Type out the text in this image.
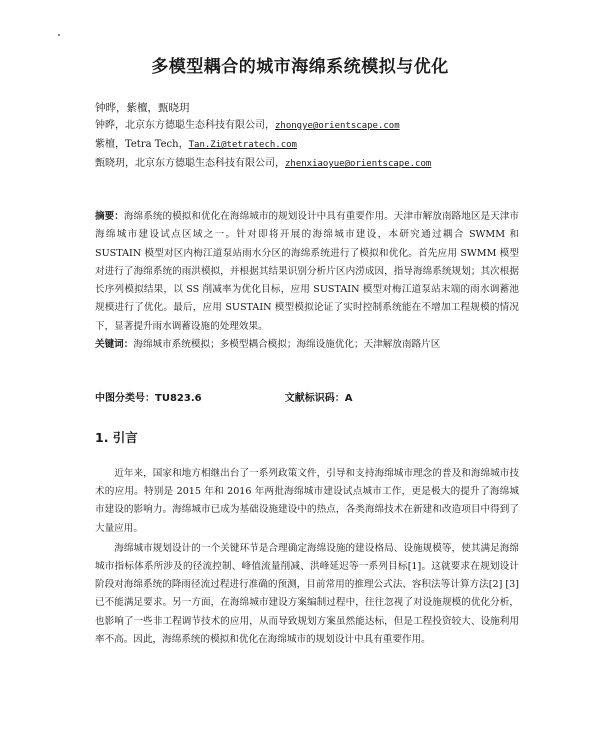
多模型耦合的城市海绵系统模拟与优化
钟晔，紫檀，甄晓玥
钟晔，北京东方德聪生态科技有限公司，zhongye@orientscape.com
紫檀，Tetra Tech，Tan.Zi@tetratech.com
甄晓玥，北京东方德聪生态科技有限公司，zhenxiaoyue@orientscape.com

摘要：海绵系统的模拟和优化在海绵城市的规划设计中具有重要作用。天津市解放南路地区是天津市海绵城市建设试点区域之一。针对即将开展的海绵城市建设，本研究通过耦合 SWMM 和 SUSTAIN 模型对区内梅江道泵站雨水分区的海绵系统进行了模拟和优化。首先应用 SWMM 模型对进行了海绵系统的雨洪模拟，并根据其结果识别分析片区内涝成因，指导海绵系统规划；其次根据长序列模拟结果，以 SS 削减率为优化目标，应用 SUSTAIN 模型对梅江道泵站末端的雨水调蓄池规模进行了优化。最后，应用 SUSTAIN 模型模拟论证了实时控制系统能在不增加工程规模的情况下，显著提升雨水调蓄设施的处理效果。

关键词：海绵城市系统模拟；多模型耦合模拟；海绵设施优化；天津解放南路片区
中图分类号：TU823.6	文献标识码：A
1. 引言

近年来，国家和地方相继出台了一系列政策文件，引导和支持海绵城市理念的普及和海绵城市技术的应用。特别是 2015 年和 2016 年两批海绵城市建设试点城市工作，更是极大的提升了海绵城市建设的影响力。海绵城市已成为基础设施建设中的热点，各类海绵技术在新建和改造项目中得到了大量应用。

海绵城市规划设计的一个关键环节是合理确定海绵设施的建设格局、设施规模等，使其满足海绵城市指标体系所涉及的径流控制、峰值流量削减、洪峰延迟等一系列目标[1]。这就要求在规划设计阶段对海绵系统的降雨径流过程进行准确的预测，目前常用的推理公式法、容积法等计算方法[2] [3]已不能满足要求。另一方面，在海绵城市建设方案编制过程中，往往忽视了对设施规模的优化分析，也影响了一些非工程调节技术的应用，从而导致规划方案虽然能达标，但是工程投资较大、设施利用率不高。因此，海绵系统的模拟和优化在海绵城市的规划设计中具有重要作用。
